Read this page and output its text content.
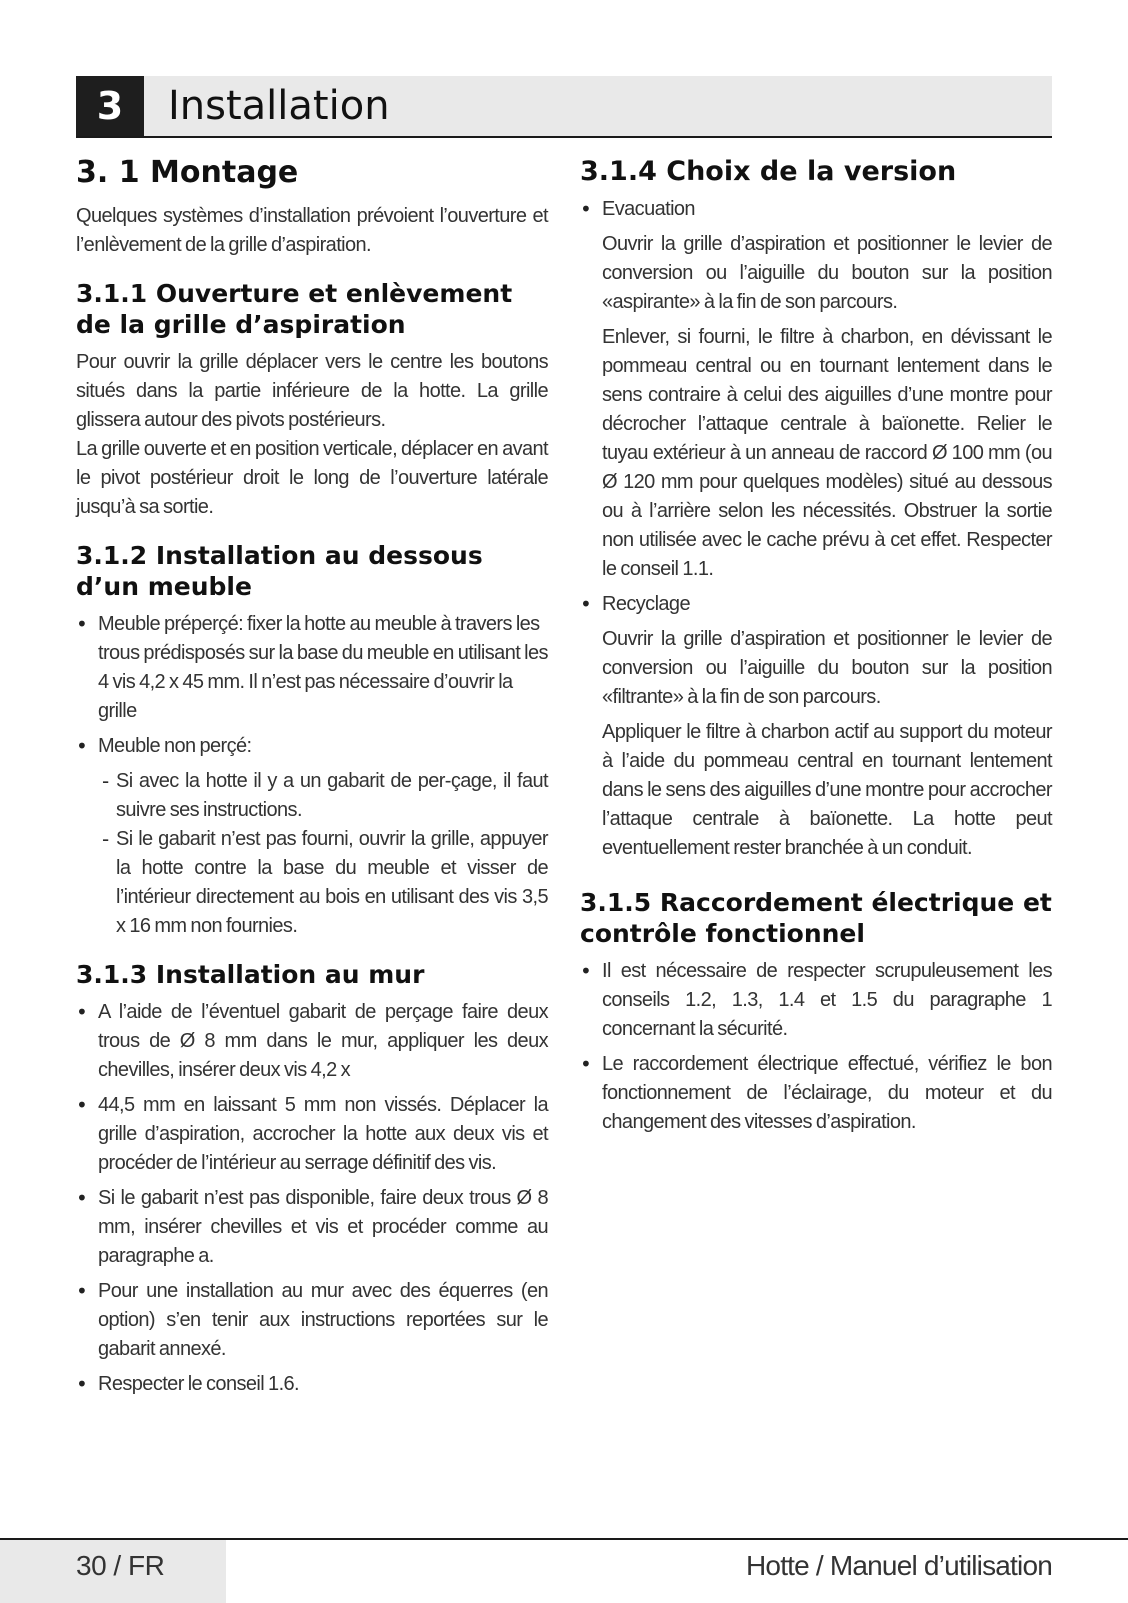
3	Installation
3. 1 Montage

Quelques systèmes d’installation prévoient l’ouverture et l’enlèvement de la grille d’aspiration.

3.1.1 Ouverture et enlèvement de la grille d’aspiration

Pour ouvrir la grille déplacer vers le centre les boutons situés dans la partie inférieure de la hotte. La grille glissera autour des pivots postérieurs.

La grille ouverte et en position verticale, déplacer en avant le pivot postérieur droit le long de l’ouverture latérale jusqu’à sa sortie.

3.1.2 Installation au dessous d’un meuble
• Meuble préperçé: fixer la hotte au meuble à travers les trous prédisposés sur la base du meuble en utilisant les 4 vis 4,2 x 45 mm. Il n’est pas nécessaire d’ouvrir la grille

• Meuble non perçé:

- Si avec la hotte il y a un gabarit de per-çage, il faut suivre ses instructions.

- Si le gabarit n’est pas fourni, ouvrir la grille, appuyer la hotte contre la base du meuble et visser de l’intérieur directement au bois en utilisant des vis 3,5 x 16 mm non fournies.

3.1.3 Installation au mur
• A l’aide de l’éventuel gabarit de perçage faire deux trous de Ø 8 mm dans le mur, appliquer les deux chevilles, insérer deux vis 4,2 x

• 44,5 mm en laissant 5 mm non vissés. Déplacer la grille d’aspiration, accrocher la hotte aux deux vis et procéder de l’intérieur au serrage définitif des vis.

• Si le gabarit n’est pas disponible, faire deux trous Ø 8 mm, insérer chevilles et vis et procéder comme au paragraphe a.

• Pour une installation au mur avec des équerres (en option) s’en tenir aux instructions reportées sur le gabarit annexé.

• Respecter le conseil 1.6.

3.1.4 Choix de la version
• Evacuation

Ouvrir la grille d’aspiration et positionner le levier de conversion ou l’aiguille du bouton sur la position «aspirante» à la fin de son parcours.

Enlever, si fourni, le filtre à charbon, en dévissant le pommeau central ou en tournant lentement dans le sens contraire à celui des aiguilles d’une montre pour décrocher l’attaque centrale à baïonette. Relier le tuyau extérieur à un anneau de raccord Ø 100 mm (ou Ø 120 mm pour quelques modèles) situé au dessous ou à l’arrière selon les nécessités. Obstruer la sortie non utilisée avec le cache prévu à cet effet. Respecter le conseil 1.1.

• Recyclage

Ouvrir la grille d’aspiration et positionner le levier de conversion ou l’aiguille du bouton sur la position «filtrante» à la fin de son parcours.

Appliquer le filtre à charbon actif au support du moteur à l’aide du pommeau central en tournant lentement dans le sens des aiguilles d’une montre pour accrocher l’attaque centrale à baïonette. La hotte peut eventuellement rester branchée à un conduit.

3.1.5 Raccordement électrique et contrôle fonctionnel
• Il est nécessaire de respecter scrupuleusement les conseils 1.2, 1.3, 1.4 et 1.5 du paragraphe 1 concernant la sécurité.

• Le raccordement électrique effectué, vérifiez le bon fonctionnement de l’éclairage, du moteur et du changement des vitesses d’aspiration.

30 / FR	Hotte / Manuel d’utilisation
